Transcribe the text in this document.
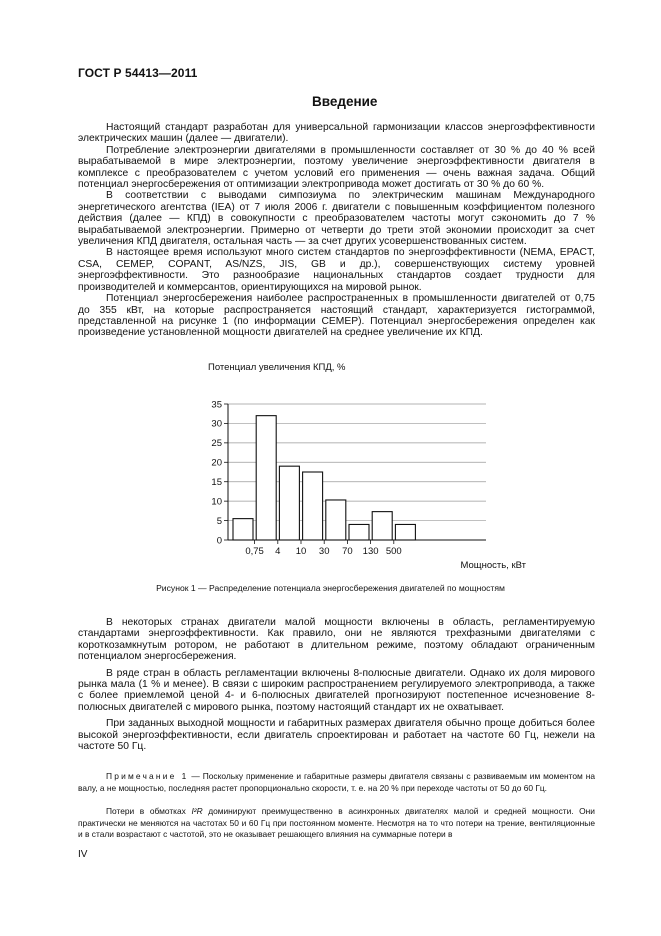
ГОСТ Р 54413—2011
Введение

Настоящий стандарт разработан для универсальной гармонизации классов энергоэффективности электрических машин (далее — двигатели).

Потребление электроэнергии двигателями в промышленности составляет от 30 % до 40 % всей вырабатываемой в мире электроэнергии, поэтому увеличение энергоэффективности двигателя в комплексе с преобразователем с учетом условий его применения — очень важная задача. Общий потенциал энергосбережения от оптимизации электропривода может достигать от 30 % до 60 %.

В соответствии с выводами симпозиума по электрическим машинам Международного энергетического агентства (IEA) от 7 июля 2006 г. двигатели с повышенным коэффициентом полезного действия (далее — КПД) в совокупности с преобразователем частоты могут сэкономить до 7 % вырабатываемой электроэнергии. Примерно от четверти до трети этой экономии происходит за счет увеличения КПД двигателя, остальная часть — за счет других усовершенствованных систем.

В настоящее время используют много систем стандартов по энергоэффективности (NEMA, EPACT, CSA, CEMEP, COPANT, AS/NZS, JIS, GB и др.), совершенствующих систему уровней энергоэффективности. Это разнообразие национальных стандартов создает трудности для производителей и коммерсантов, ориентирующихся на мировой рынок.

Потенциал энергосбережения наиболее распространенных в промышленности двигателей от 0,75 до 355 кВт, на которые распространяется настоящий стандарт, характеризуется гистограммой, представленной на рисунке 1 (по информации CEMEP). Потенциал энергосбережения определен как произведение установленной мощности двигателей на среднее увеличение их КПД.

Потенциал увеличения КПД, %
Мощность, кВт
0
5
10
15
20
25
30
35
0,75 4 10 30 70 130 500
Рисунок 1 — Распределение потенциала энергосбережения двигателей по мощностям

В некоторых странах двигатели малой мощности включены в область, регламентируемую стандартами энергоэффективности. Как правило, они не являются трехфазными двигателями с короткозамкнутым ротором, не работают в длительном режиме, поэтому обладают ограниченным потенциалом энергосбережения.

В ряде стран в область регламентации включены 8-полюсные двигатели. Однако их доля мирового рынка мала (1 % и менее). В связи с широким распространением регулируемого электропривода, а также с более приемлемой ценой 4- и 6-полюсных двигателей прогнозируют постепенное исчезновение 8-полюсных двигателей с мирового рынка, поэтому настоящий стандарт их не охватывает.

При заданных выходной мощности и габаритных размерах двигателя обычно проще добиться более высокой энергоэффективности, если двигатель спроектирован и работает на частоте 60 Гц, нежели на частоте 50 Гц.

Примечание 1 — Поскольку применение и габаритные размеры двигателя связаны с развиваемым им моментом на валу, а не мощностью, последняя растет пропорционально скорости, т. е. на 20 % при переходе частоты от 50 до 60 Гц.

Потери в обмотках I²R доминируют преимущественно в асинхронных двигателях малой и средней мощности. Они практически не меняются на частотах 50 и 60 Гц при постоянном моменте. Несмотря на то что потери на трение, вентиляционные и в стали возрастают с частотой, это не оказывает решающего влияния на суммарные потери в

IV
